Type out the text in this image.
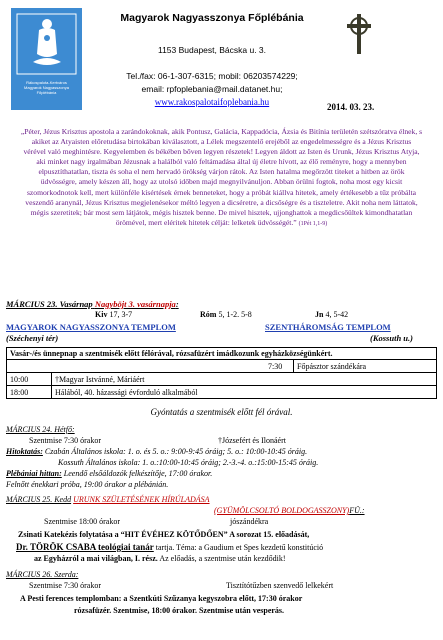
Rákospalota-Kertváros
Magyarok Nagyasszonya
Főplébánia
Magyarok Nagyasszonya Főplébánia
1153 Budapest, Bácska u. 3.
Tel./fax: 06-1-307-6315; mobil: 06203574229;
email: rpfoplebania@mail.datanet.hu;
www.rakospalotaifoplebania.hu	2014. 03. 23.
„Péter, Jézus Krisztus apostola a zarándokoknak, akik Pontusz, Galácia, Kappadócia, Ázsia és Bitínia területén szétszóratva élnek, s akiket az Atyaisten előretudása birtokában kiválasztott, a Lélek megszentelő erejéből az engedelmességre és a Jézus Krisztus vérével való meghintésre. Kegyelemben és békében bőven legyen részetek! Legyen áldott az Isten és Urunk, Jézus Krisztus Atyja, aki minket nagy irgalmában Jézusnak a halálból való feltámadása által új életre hívott, az élő reményre, hogy a mennyben elpusztíthatatlan, tiszta és soha el nem hervadó örökség várjon rátok. Az Isten hatalma megőrzött titeket a hitben az örök üdvösségre, amely készen áll, hogy az utolsó időben majd megnyilvánuljon. Abban örülni fogtok, noha most egy kicsit szomorkodnotok kell, mert különféle kísértések érnek benneteket, hogy a próbát kiállva hitetek, amely értékesebb a tűz próbálta veszendő aranynál, Jézus Krisztus megjelenésekor méltó legyen a dicséretre, a dicsőségre és a tiszteletre. Akit noha nem láttatok, mégis szeretitek; bár most sem látjátok, mégis hisztek benne. De mivel hisztek, ujjonghattok a megdicsőültek kimondhatatlan örömével, mert eléritek hitetek célját: lelketek üdvösségét.” (1Pét 1,1-9)
MÁRCIUS 23. Vasárnap Nagyböjt 3. vasárnapja:
Kiv 17, 3-7	Róm 5, 1-2. 5-8	Jn 4, 5-42
MAGYAROK NAGYASSZONYA TEMPLOM
(Széchenyi tér)
SZENTHÁROMSÁG TEMPLOM
(Kossuth u.)
Vasár-/és ünnepnap a szentmisék előtt félórával, rózsafüzért imádkozunk egyházközségünkért.
7:30	Főpásztor szándékára
10:00	†Magyar Istvánné, Máriáért
18:00	Hálából, 40. házassági évforduló alkalmából
Gyóntatás a szentmisék előtt fél órával.
MÁRCIUS 24. Hétfő:
Szentmise 7:30 órakor	†Józsefért és Ilonáért
Hitoktatás: Czabán Általános iskola: 1. o. és 5. o.: 9:00-9:45 óráig; 5. o.: 10:00-10:45 óráig.
Kossuth Általános iskola: 1. o.:10:00-10:45 óráig; 2.-3.-4. o.:15:00-15:45 óráig.
Plébániai hittan: Leendő elsőáldozók felkészítője, 17:00 órakor.
Felnőtt énekkari próba, 19:00 órakor a plébánián.
MÁRCIUS 25. Kedd URUNK SZÜLETÉSÉNEK HÍRÚLADÁSA
(GYÜMÖLCSOLTÓ BOLDOGASSZONY)FÜ.:
Szentmise 18:00 órakor	jószándékra
Zsinati Katekézis folytatása a “HIT ÉVÉHEZ KÖTŐDŐEN” A sorozat 15. előadását,
Dr. TÖRÖK CSABA teológiai tanár tartja. Téma: a Gaudium et Spes kezdetű konstitúció
az Egyházról a mai világban, I. rész. Az előadás, a szentmise után kezdődik!
MÁRCIUS 26. Szerda:
Szentmise 7:30 órakor	Tisztítótűzben szenvedő lelkekért
A Pesti ferences templomban: a Szentkúti Szűzanya kegyszobra előtt, 17:30 órakor
rózsafüzér. Szentmise, 18:00 órakor. Szentmise után vesperás.
